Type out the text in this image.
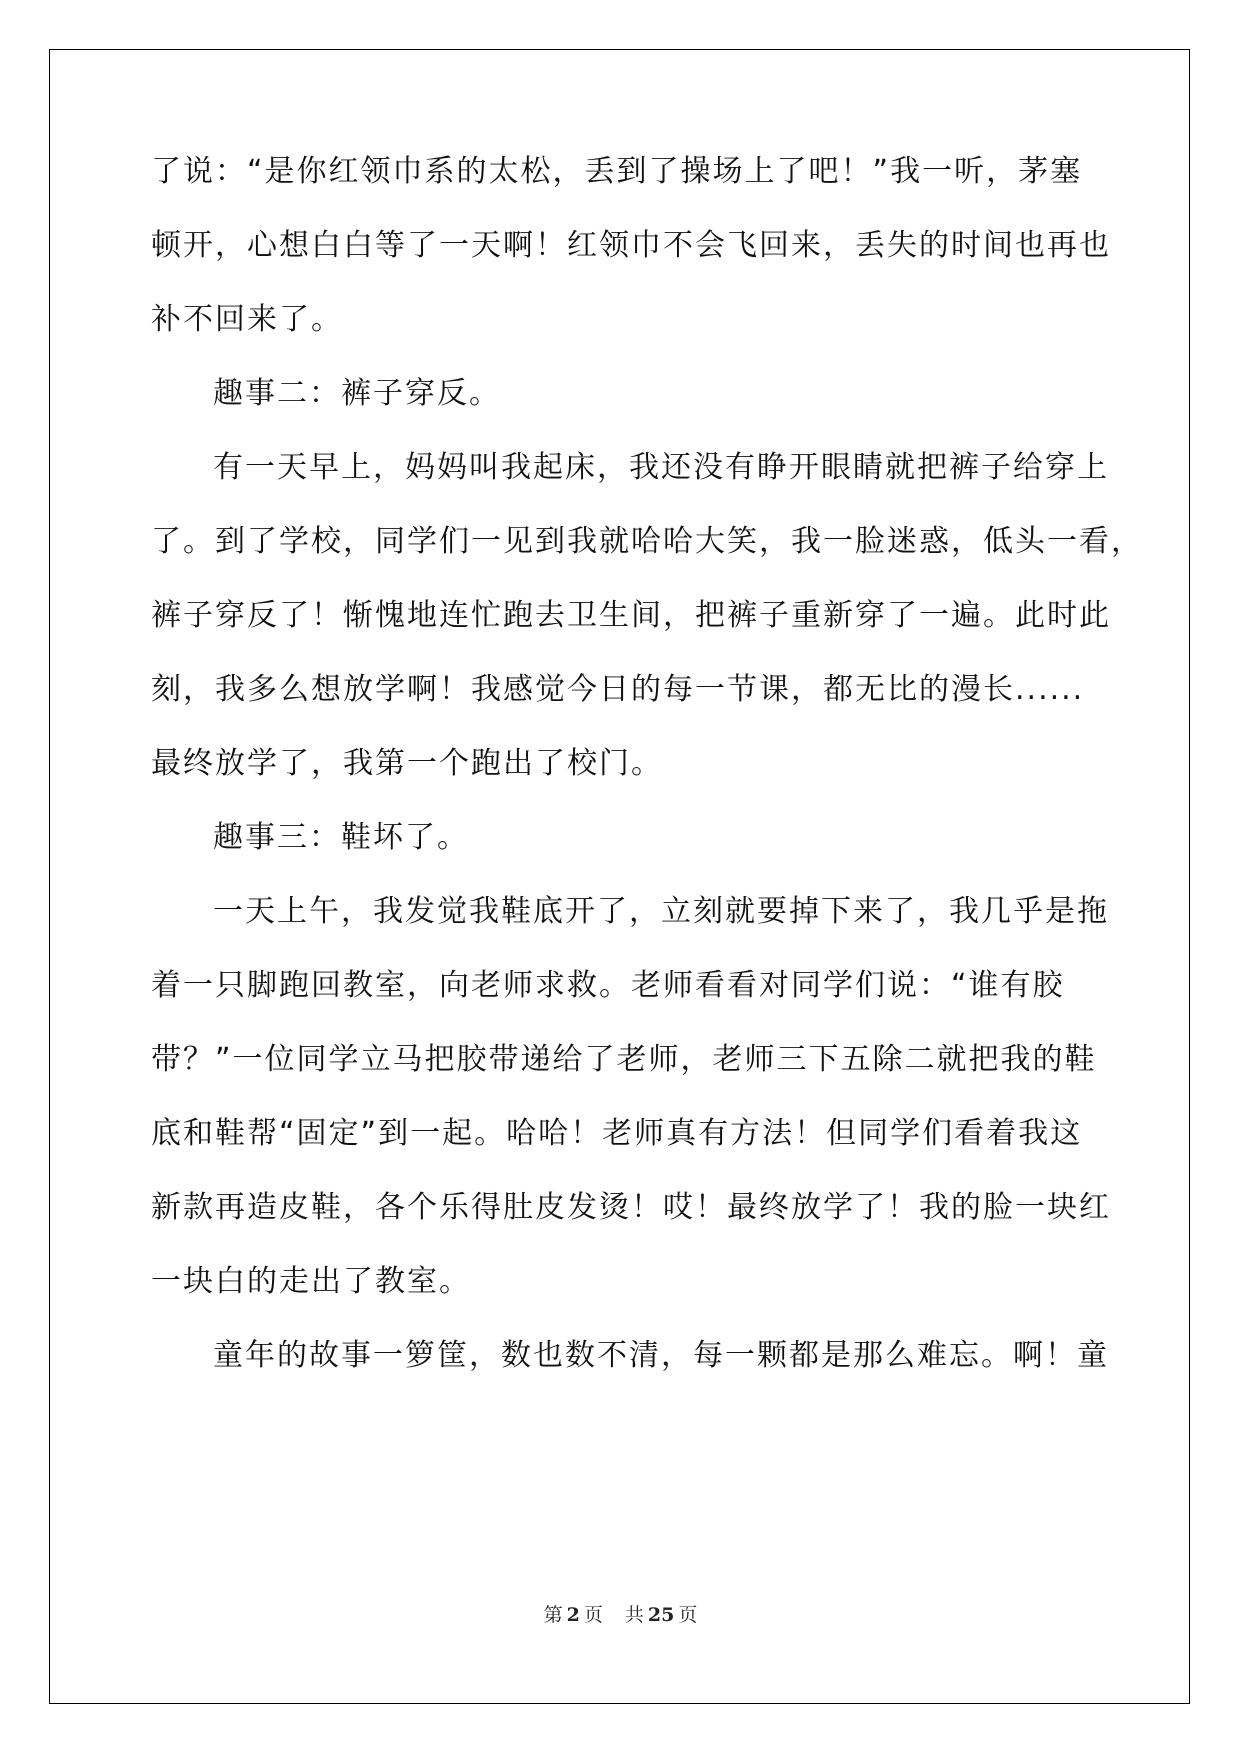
了说：“是你红领巾系的太松，丢到了操场上了吧！”我一听，茅塞
顿开，心想白白等了一天啊！红领巾不会飞回来，丢失的时间也再也
补不回来了。
趣事二：裤子穿反。
有一天早上，妈妈叫我起床，我还没有睁开眼睛就把裤子给穿上
了。到了学校，同学们一见到我就哈哈大笑，我一脸迷惑，低头一看，
裤子穿反了！惭愧地连忙跑去卫生间，把裤子重新穿了一遍。此时此
刻，我多么想放学啊！我感觉今日的每一节课，都无比的漫长......
最终放学了，我第一个跑出了校门。
趣事三：鞋坏了。
一天上午，我发觉我鞋底开了，立刻就要掉下来了，我几乎是拖
着一只脚跑回教室，向老师求救。老师看看对同学们说：“谁有胶
带？”一位同学立马把胶带递给了老师，老师三下五除二就把我的鞋
底和鞋帮“固定”到一起。哈哈！老师真有方法！但同学们看着我这
新款再造皮鞋，各个乐得肚皮发烫！哎！最终放学了！我的脸一块红
一块白的走出了教室。
童年的故事一箩筐，数也数不清，每一颗都是那么难忘。啊！童
第 2 页 共 25 页
